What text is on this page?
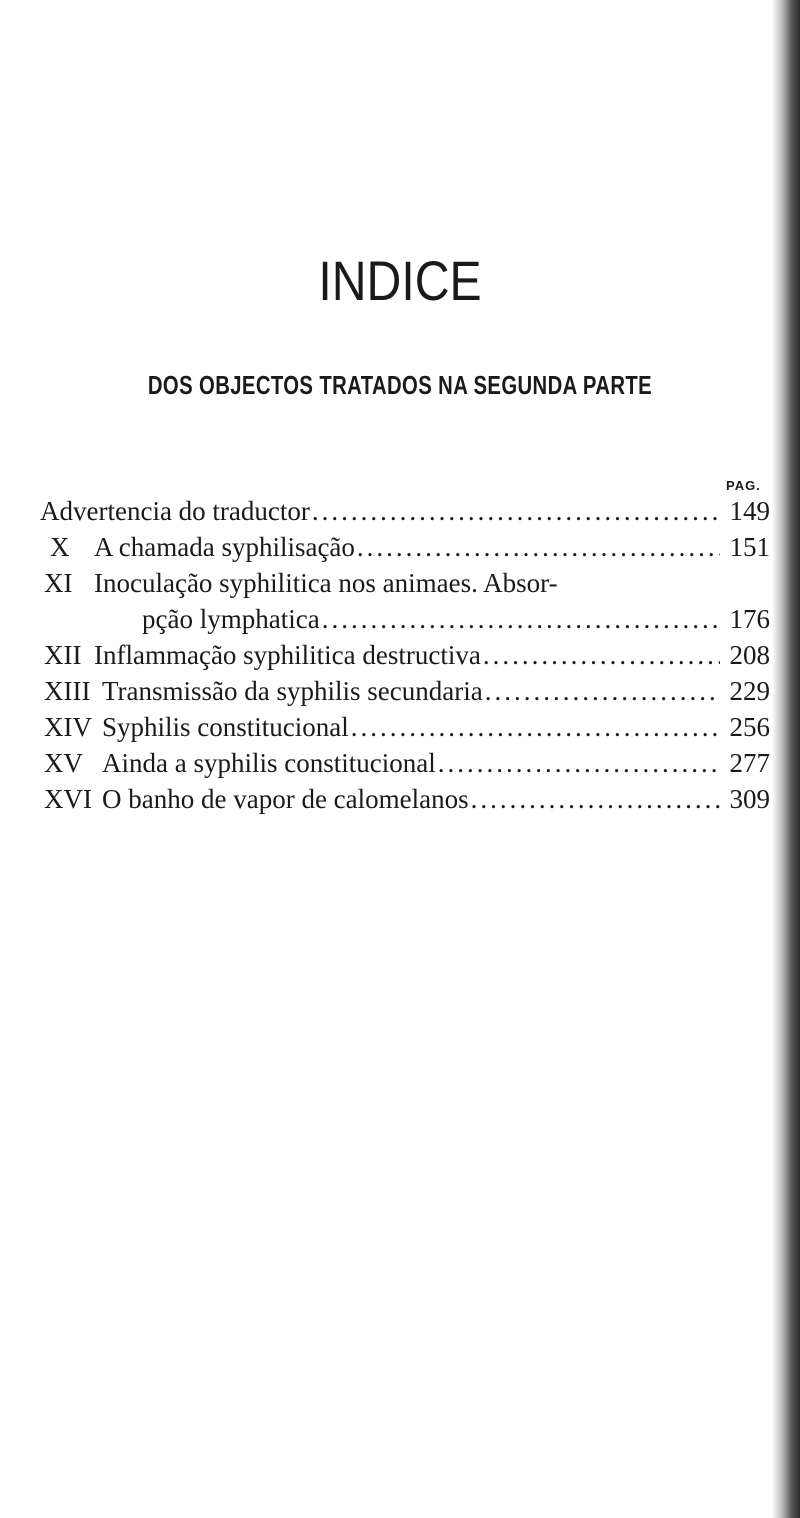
INDICE
DOS OBJECTOS TRATADOS NA SEGUNDA PARTE
PAG.
Advertencia do traductor .....	149
X A chamada syphilisação .....	151
XI Inoculação syphilitica nos animaes. Absor-
pção lymphatica .....	176
XII Inflammação syphilitica destructiva .....	208
XIII Transmissão da syphilis secundaria .....	229
XIV Syphilis constitucional .....	256
XV Ainda a syphilis constitucional .....	277
XVI O banho de vapor de calomelanos .....	309
